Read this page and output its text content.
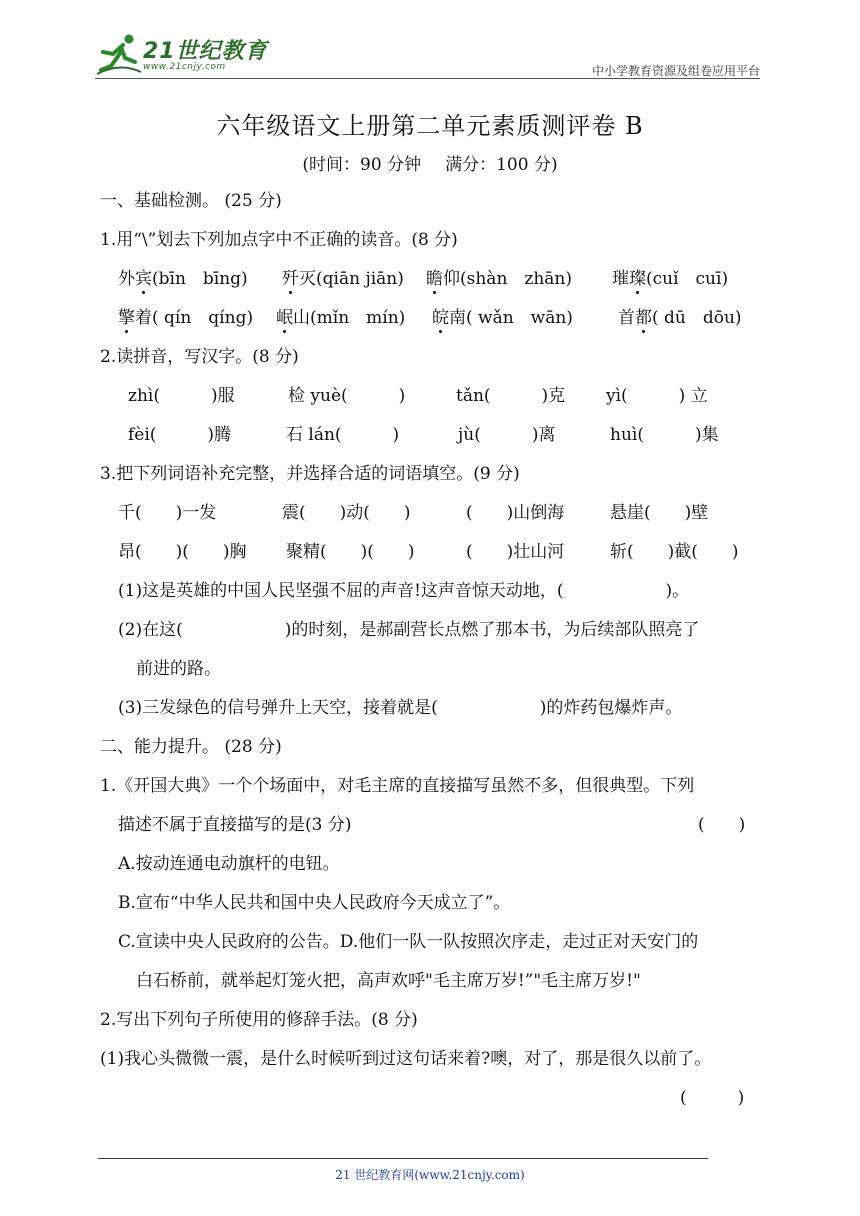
21世纪教育
www.21cnjy.com	中小学教育资源及组卷应用平台
六年级语文上册第二单元素质测评卷 B
(时间：90 分钟 满分：100 分)
一、基础检测。 (25 分)
1.用“\”划去下列加点字中不正确的读音。(8 分)
外宾(bīn　bīng) 歼灭(qiān jiān) 瞻仰(shàn　zhān) 璀璨(cuǐ　cuī)
擎着( qín　qíng) 岷山(mǐn　mín) 皖南( wǎn　wān)	首都( dū　dōu)
2.读拼音，写汉字。(8 分)
zhì(　　　)服	检 yuè(　　　)	tǎn(　　　)克 yì(　　　) 立
fèi(　　　)腾	石 lán(　　　)	jù(　　　)离	huì(　　　)集
3.把下列词语补充完整，并选择合适的词语填空。(9 分)
千(　　)一发	震(　　)动(　　)	(　　)山倒海	悬崖(　　)壁
昂(　　)(　　)胸 聚精(　　)(　　)	(　　)壮山河	斩(　　)截(　　)
(1)这是英雄的中国人民坚强不屈的声音!这声音惊天动地，(　　　　　　)。
(2)在这(　　　　　　)的时刻，是郝副营长点燃了那本书，为后续部队照亮了
前进的路。
(3)三发绿色的信号弹升上天空，接着就是(　　　　　　)的炸药包爆炸声。
二、能力提升。 (28 分)
1.《开国大典》一个个场面中，对毛主席的直接描写虽然不多，但很典型。下列
描述不属于直接描写的是(3 分)	(　　)
A.按动连通电动旗杆的电钮。
B.宣布“中华人民共和国中央人民政府今天成立了”。
C.宣读中央人民政府的公告。D.他们一队一队按照次序走，走过正对天安门的
白石桥前，就举起灯笼火把，高声欢呼"毛主席万岁!”"毛主席万岁!"
2.写出下列句子所使用的修辞手法。(8 分)
(1)我心头微微一震，是什么时候听到过这句话来着?噢，对了，那是很久以前了。
(　　　)
21 世纪教育网(www.21cnjy.com)
